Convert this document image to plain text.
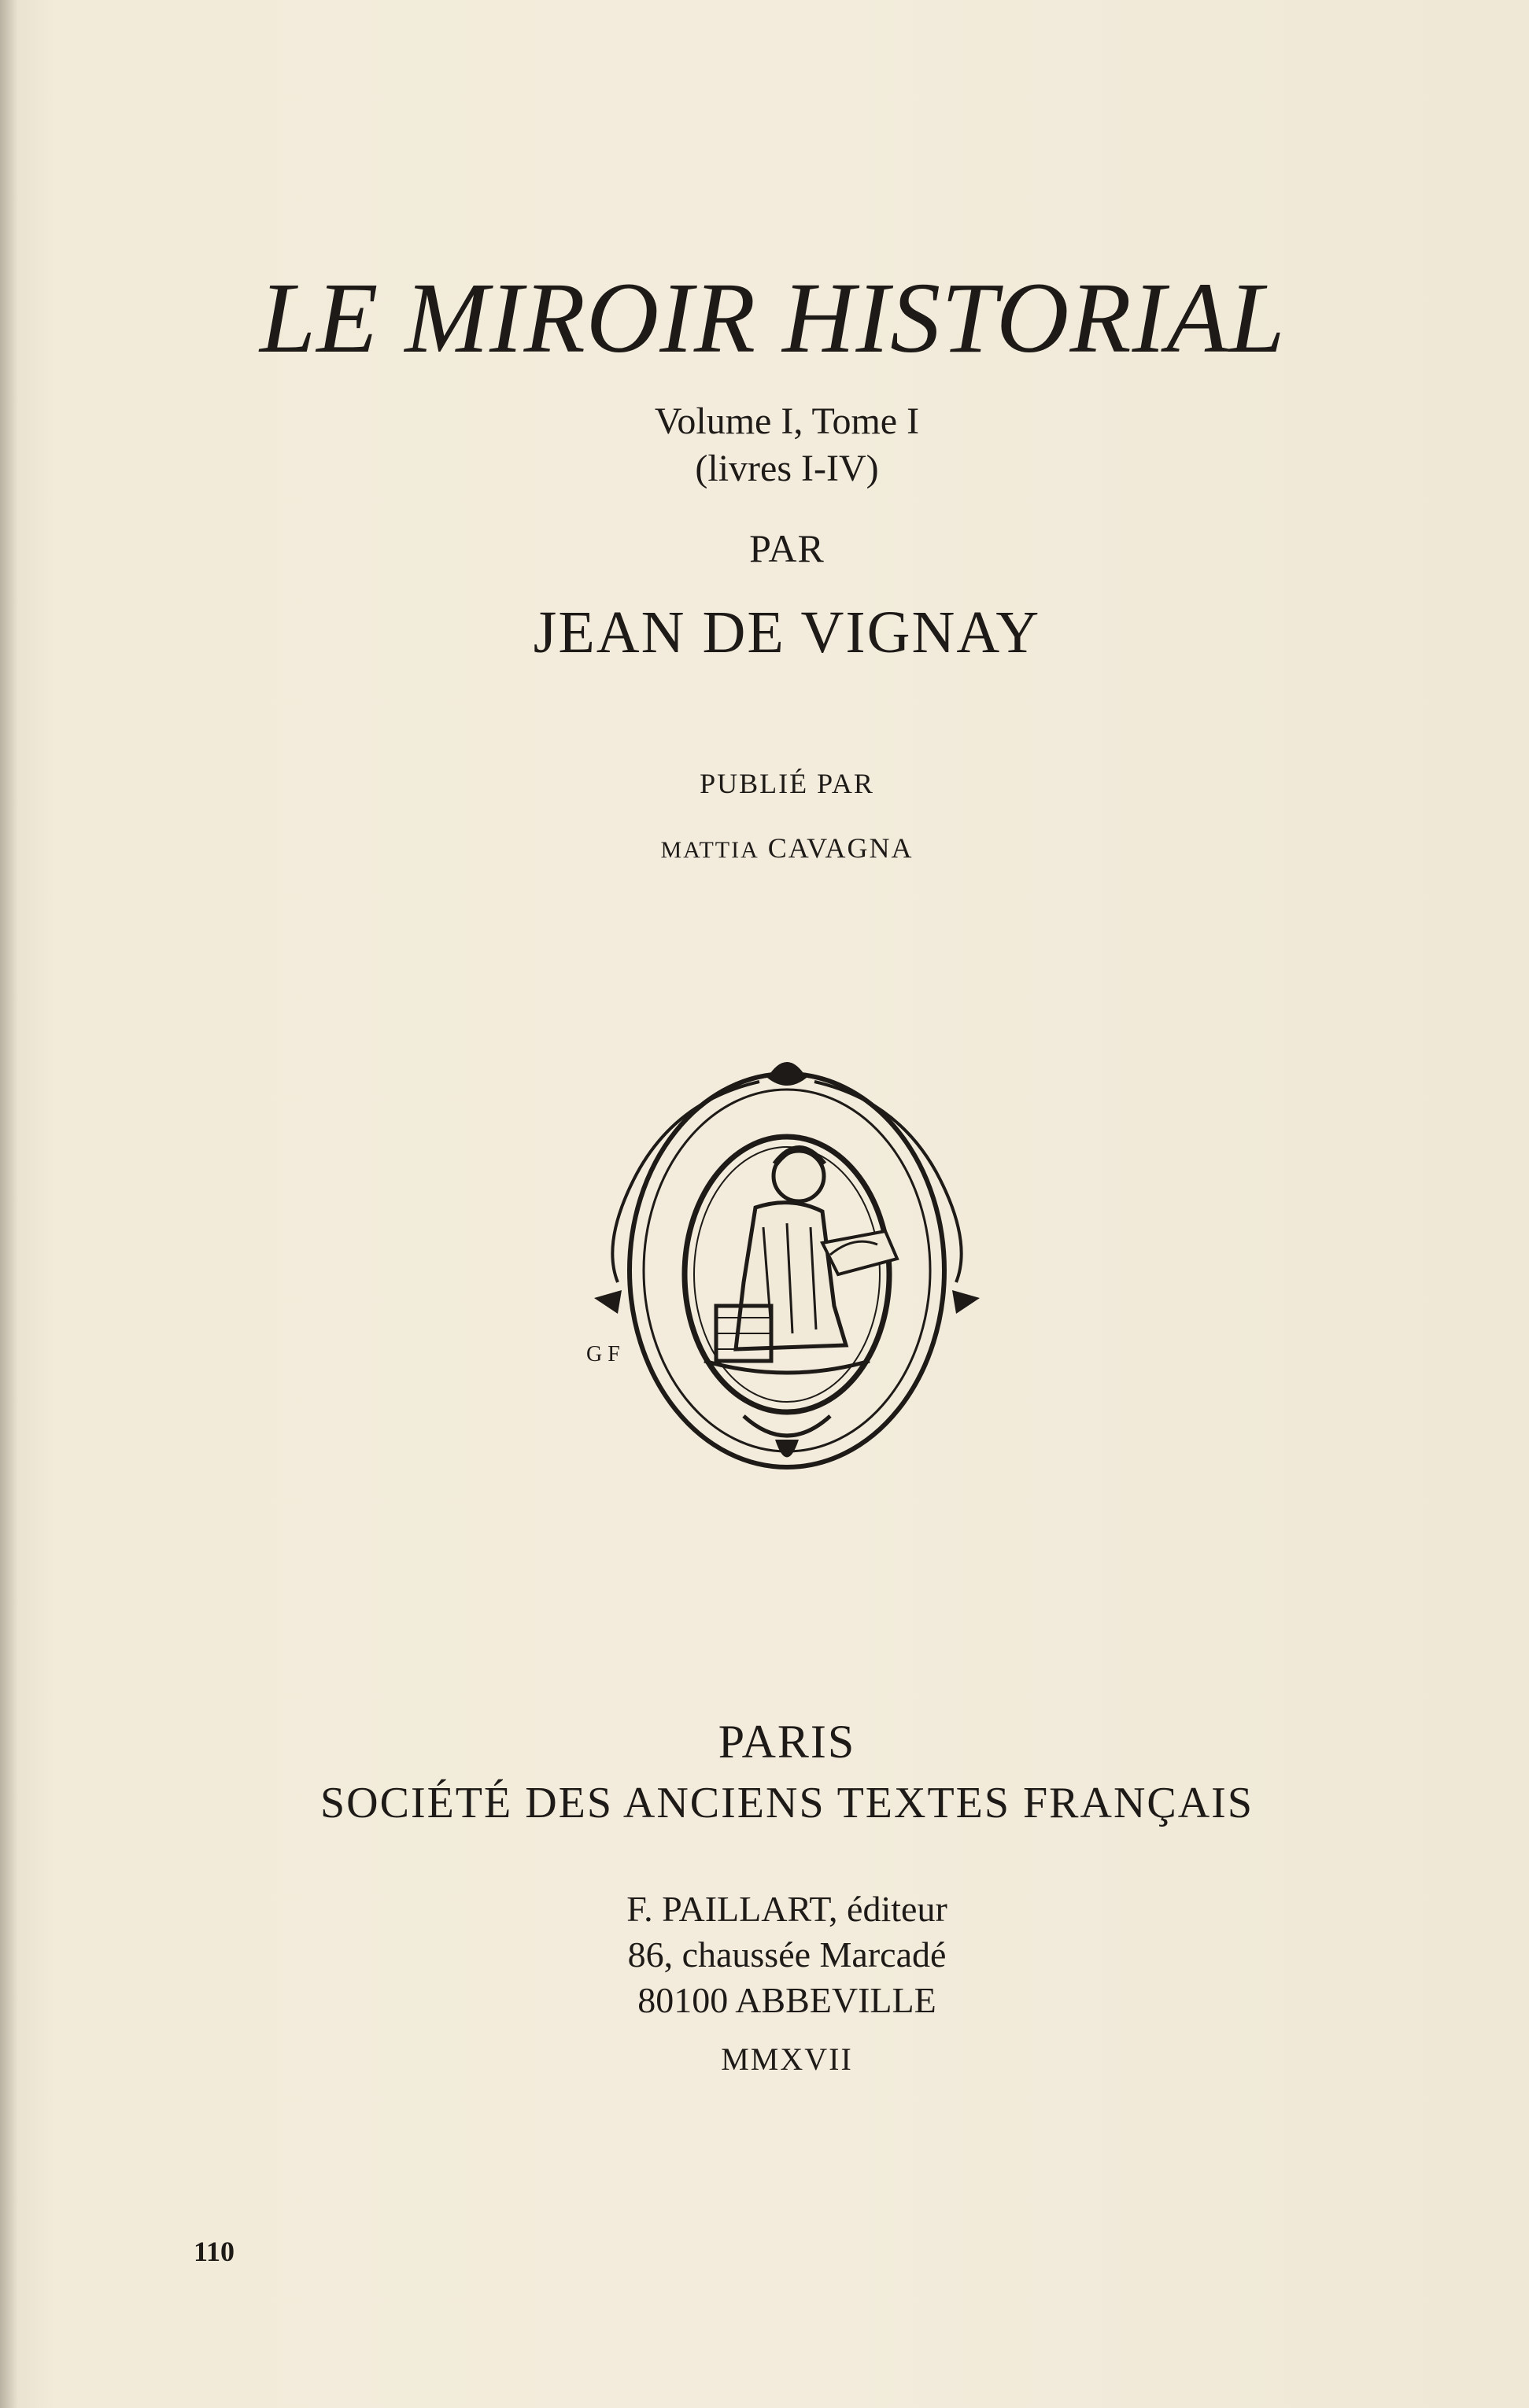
LE MIROIR HISTORIAL
Volume I, Tome I
(livres I-IV)
PAR
JEAN DE VIGNAY
PUBLIÉ PAR
MATTIA CAVAGNA
G F
PARIS
SOCIÉTÉ DES ANCIENS TEXTES FRANÇAIS
F. PAILLART, éditeur
86, chaussée Marcadé
80100 ABBEVILLE
MMXVII
110
